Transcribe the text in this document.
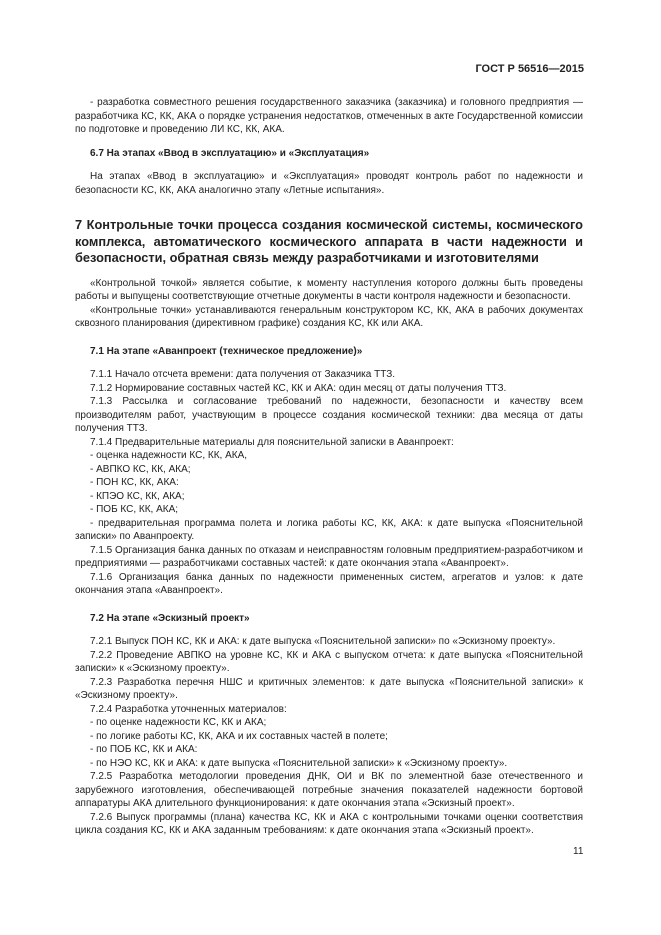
ГОСТ Р 56516—2015

- разработка совместного решения государственного заказчика (заказчика) и головного предприятия — разработчика КС, КК, АКА о порядке устранения недостатков, отмеченных в акте Государственной комиссии по подготовке и проведению ЛИ КС, КК, АКА.

6.7 На этапах «Ввод в эксплуатацию» и «Эксплуатация»

На этапах «Ввод в эксплуатацию» и «Эксплуатация» проводят контроль работ по надежности и безопасности КС, КК, АКА аналогично этапу «Летные испытания».

7 Контрольные точки процесса создания космической системы, космического комплекса, автоматического космического аппарата в части надежности и безопасности, обратная связь между разработчиками и изготовителями

«Контрольной точкой» является событие, к моменту наступления которого должны быть проведены работы и выпущены соответствующие отчетные документы в части контроля надежности и безопасности.

«Контрольные точки» устанавливаются генеральным конструктором КС, КК, АКА в рабочих документах сквозного планирования (директивном графике) создания КС, КК или АКА.

7.1 На этапе «Аванпроект (техническое предложение)»

7.1.1 Начало отсчета времени: дата получения от Заказчика ТТЗ.

7.1.2 Нормирование составных частей КС, КК и АКА: один месяц от даты получения ТТЗ.

7.1.3 Рассылка и согласование требований по надежности, безопасности и качеству всем производителям работ, участвующим в процессе создания космической техники: два месяца от даты получения ТТЗ.

7.1.4 Предварительные материалы для пояснительной записки в Аванпроект:

- оценка надежности КС, КК, АКА,

- АВПКО КС, КК, АКА;

- ПОН КС, КК, АКА:

- КПЭО КС, КК, АКА;

- ПОБ КС, КК, АКА;

- предварительная программа полета и логика работы КС, КК, АКА: к дате выпуска «Пояснительной записки» по Аванпроекту.

7.1.5 Организация банка данных по отказам и неисправностям головным предприятием-разработчиком и предприятиями — разработчиками составных частей: к дате окончания этапа «Аванпроект».

7.1.6 Организация банка данных по надежности примененных систем, агрегатов и узлов: к дате окончания этапа «Аванпроект».

7.2 На этапе «Эскизный проект»

7.2.1 Выпуск ПОН КС, КК и АКА: к дате выпуска «Пояснительной записки» по «Эскизному проекту».

7.2.2 Проведение АВПКО на уровне КС, КК и АКА с выпуском отчета: к дате выпуска «Пояснительной записки» к «Эскизному проекту».

7.2.3 Разработка перечня НШС и критичных элементов: к дате выпуска «Пояснительной записки» к «Эскизному проекту».

7.2.4 Разработка уточненных материалов:

- по оценке надежности КС, КК и АКА;

- по логике работы КС, КК, АКА и их составных частей в полете;

- по ПОБ КС, КК и АКА:

- по НЭО КС, КК и АКА: к дате выпуска «Пояснительной записки» к «Эскизному проекту».

7.2.5 Разработка методологии проведения ДНК, ОИ и ВК по элементной базе отечественного и зарубежного изготовления, обеспечивающей потребные значения показателей надежности бортовой аппаратуры АКА длительного функционирования: к дате окончания этапа «Эскизный проект».

7.2.6 Выпуск программы (плана) качества КС, КК и АКА с контрольными точками оценки соответствия цикла создания КС, КК и АКА заданным требованиям: к дате окончания этапа «Эскизный проект».

11
